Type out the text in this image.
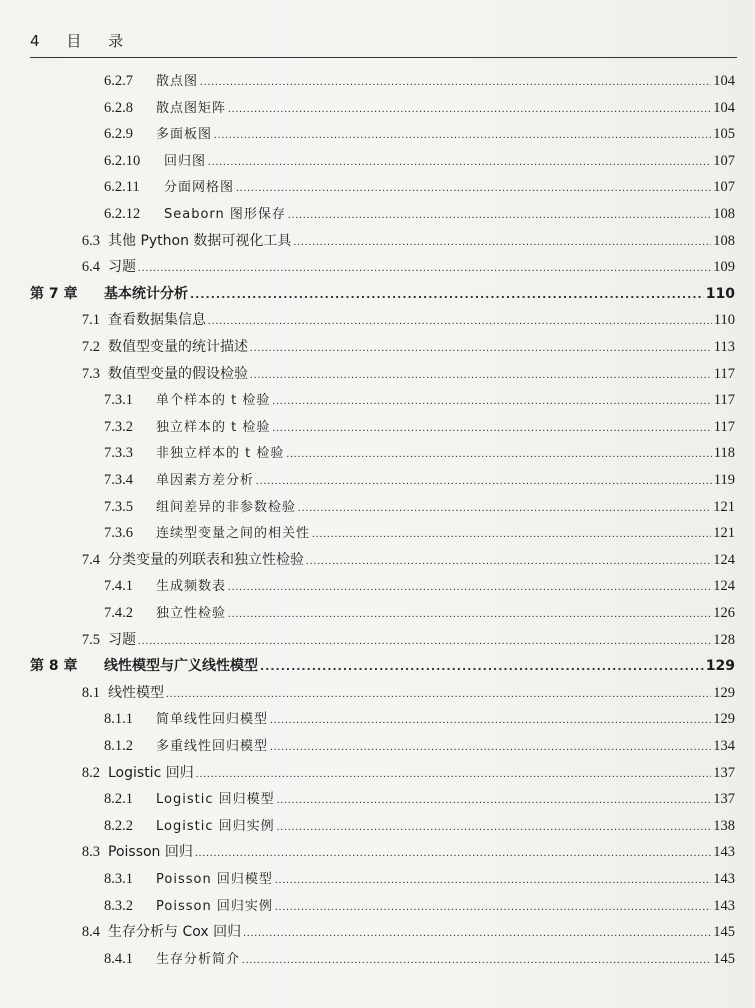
4 目 录
6.2.7	散点图 .....	104
6.2.8	散点图矩阵 .....	104
6.2.9	多面板图 .....	105
6.2.10	回归图 .....	107
6.2.11	分面网格图 .....	107
6.2.12	Seaborn 图形保存 .....	108
6.3 其他 Python 数据可视化工具 .....	108
6.4 习题 .....	109
第 7 章	基本统计分析 .....	110
7.1 查看数据集信息 .....	110
7.2 数值型变量的统计描述 .....	113
7.3 数值型变量的假设检验 .....	117
7.3.1	单个样本的 t 检验 .....	117
7.3.2	独立样本的 t 检验 .....	117
7.3.3	非独立样本的 t 检验 .....	118
7.3.4	单因素方差分析 .....	119
7.3.5	组间差异的非参数检验 .....	121
7.3.6	连续型变量之间的相关性 .....	121
7.4 分类变量的列联表和独立性检验 .....	124
7.4.1	生成频数表 .....	124
7.4.2	独立性检验 .....	126
7.5 习题 .....	128
第 8 章	线性模型与广义线性模型 .....	129
8.1 线性模型 .....	129
8.1.1	简单线性回归模型 .....	129
8.1.2	多重线性回归模型 .....	134
8.2 Logistic 回归 .....	137
8.2.1	Logistic 回归模型 .....	137
8.2.2	Logistic 回归实例 .....	138
8.3 Poisson 回归 .....	143
8.3.1	Poisson 回归模型 .....	143
8.3.2	Poisson 回归实例 .....	143
8.4 生存分析与 Cox 回归 .....	145
8.4.1	生存分析简介 .....	145
